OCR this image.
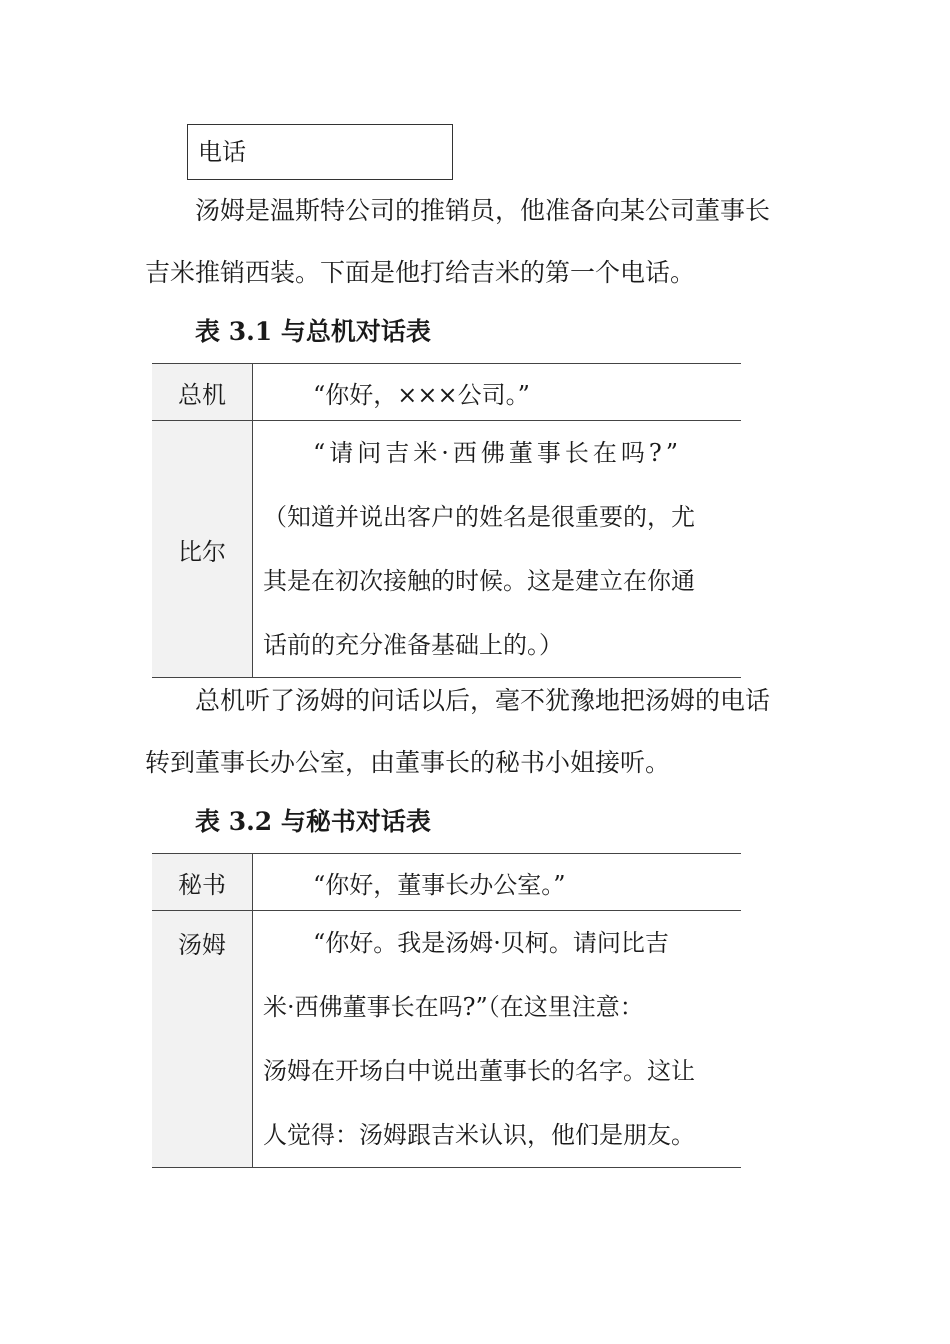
电话

汤姆是温斯特公司的推销员，他准备向某公司董事长
吉米推销西装。下面是他打给吉米的第一个电话。

表 3.1 与总机对话表
总机	“你好，×××公司。”
比尔	“请问吉米·西佛董事长在吗?”
（知道并说出客户的姓名是很重要的，尤
其是在初次接触的时候。这是建立在你通
话前的充分准备基础上的。）

总机听了汤姆的问话以后，毫不犹豫地把汤姆的电话
转到董事长办公室，由董事长的秘书小姐接听。

表 3.2 与秘书对话表
秘书	“你好，董事长办公室。”
汤姆	“你好。我是汤姆·贝柯。请问比吉
米·西佛董事长在吗?”（在这里注意：
汤姆在开场白中说出董事长的名字。这让
人觉得：汤姆跟吉米认识，他们是朋友。
